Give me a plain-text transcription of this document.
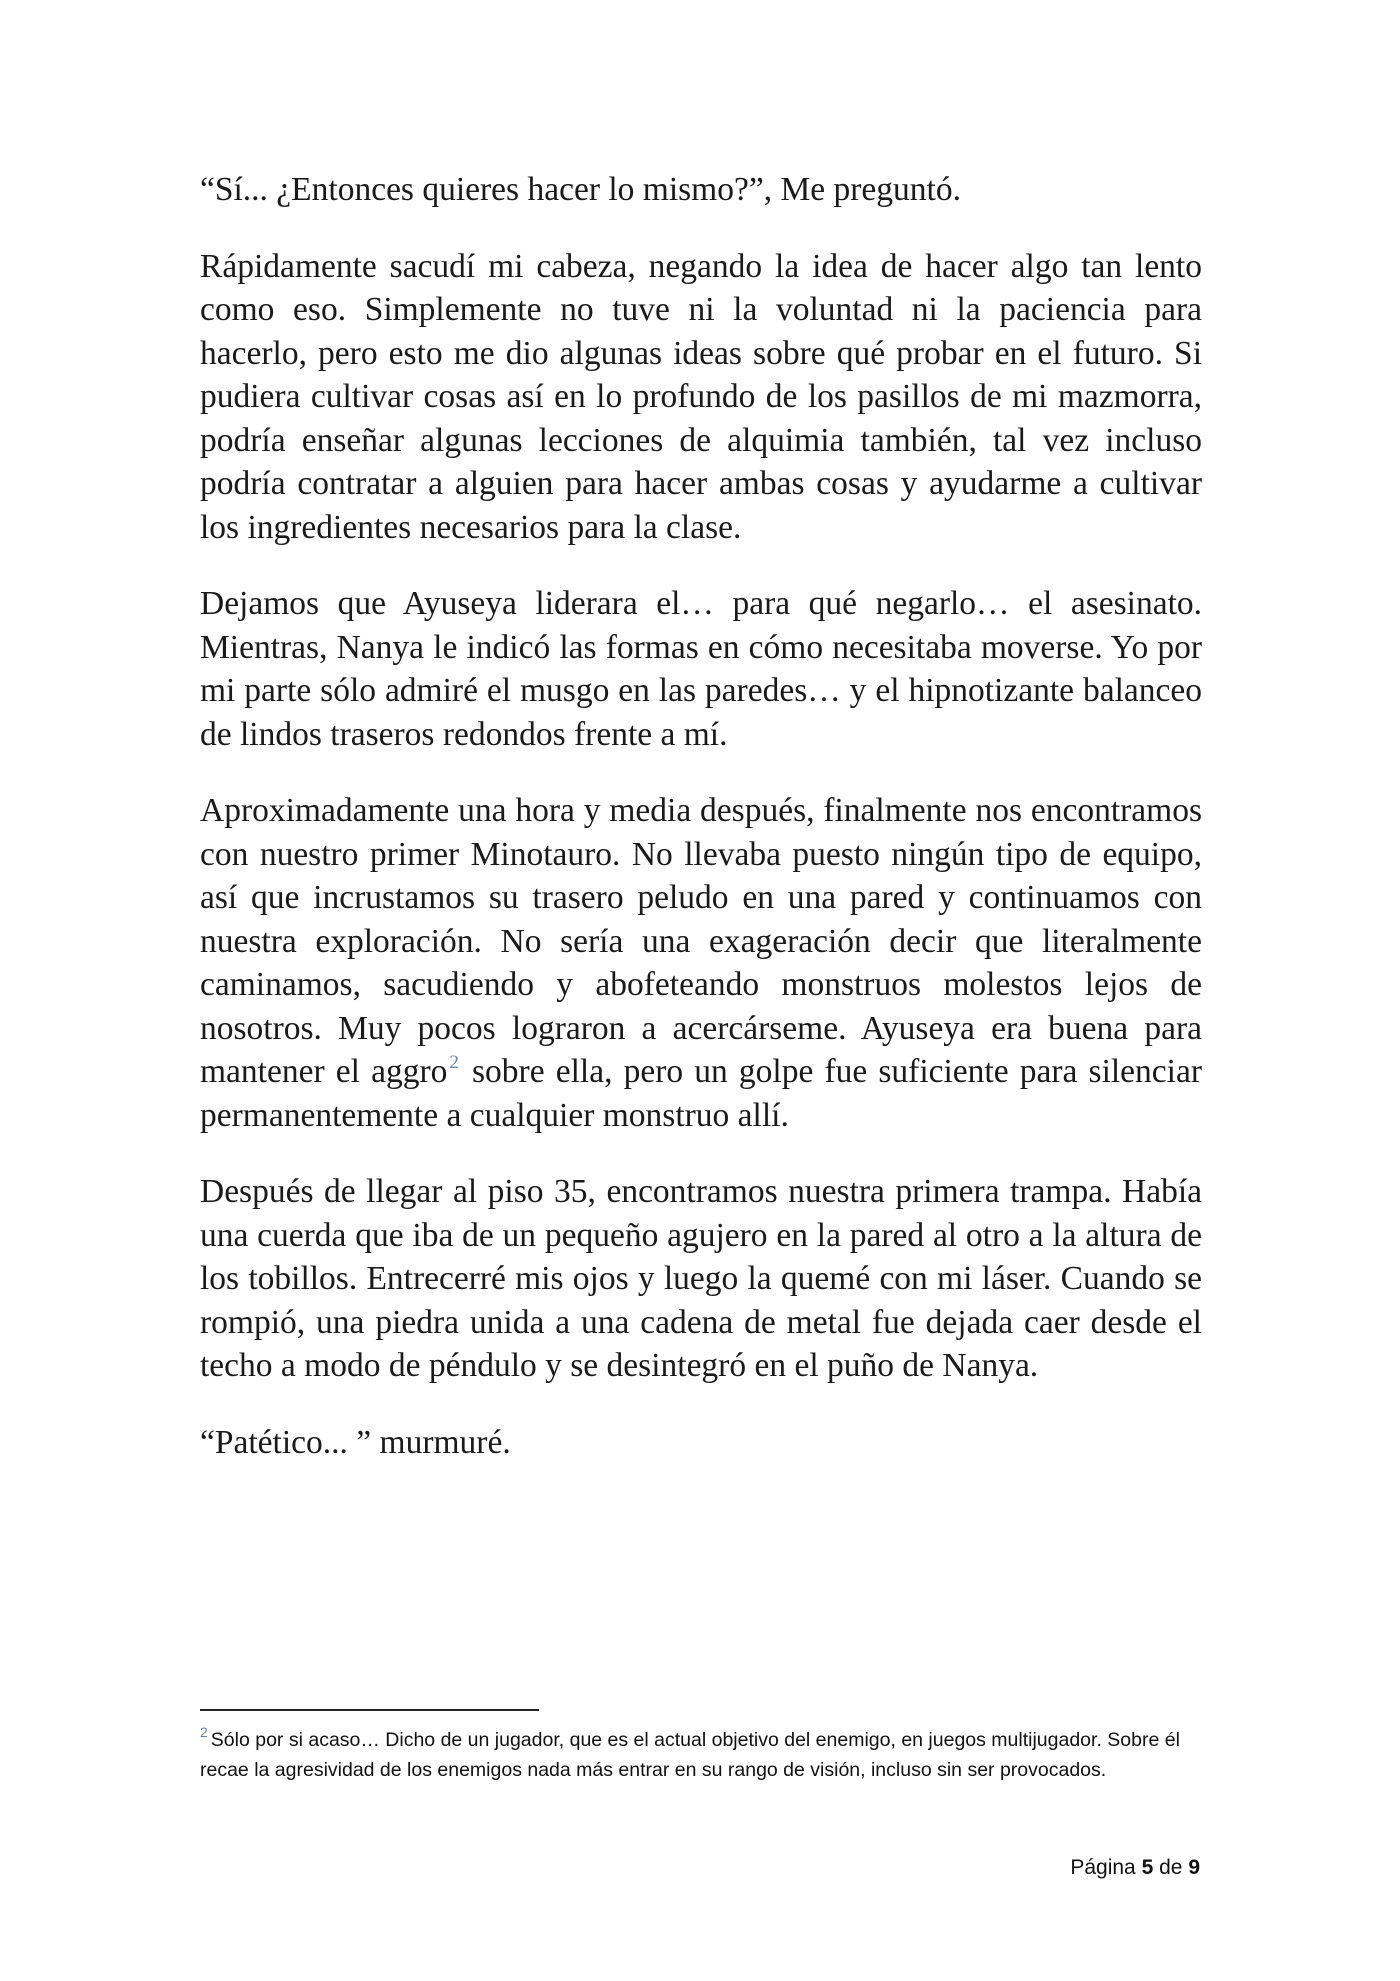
“Sí... ¿Entonces quieres hacer lo mismo?”, Me preguntó.

Rápidamente sacudí mi cabeza, negando la idea de hacer algo tan lento como eso. Simplemente no tuve ni la voluntad ni la paciencia para hacerlo, pero esto me dio algunas ideas sobre qué probar en el futuro. Si pudiera cultivar cosas así en lo profundo de los pasillos de mi mazmorra, podría enseñar algunas lecciones de alquimia también, tal vez incluso podría contratar a alguien para hacer ambas cosas y ayudarme a cultivar los ingredientes necesarios para la clase.

Dejamos que Ayuseya liderara el… para qué negarlo… el asesinato. Mientras, Nanya le indicó las formas en cómo necesitaba moverse. Yo por mi parte sólo admiré el musgo en las paredes… y el hipnotizante balanceo de lindos traseros redondos frente a mí.

Aproximadamente una hora y media después, finalmente nos encontramos con nuestro primer Minotauro. No llevaba puesto ningún tipo de equipo, así que incrustamos su trasero peludo en una pared y continuamos con nuestra exploración. No sería una exageración decir que literalmente caminamos, sacudiendo y abofeteando monstruos molestos lejos de nosotros. Muy pocos lograron a acercárseme. Ayuseya era buena para mantener el aggro $^2$ sobre ella, pero un golpe fue suficiente para silenciar permanentemente a cualquier monstruo allí.

Después de llegar al piso 35, encontramos nuestra primera trampa. Había una cuerda que iba de un pequeño agujero en la pared al otro a la altura de los tobillos. Entrecerré mis ojos y luego la quemé con mi láser. Cuando se rompió, una piedra unida a una cadena de metal fue dejada caer desde el techo a modo de péndulo y se desintegró en el puño de Nanya.

“Patético... ” murmuré.

$^2$ Sólo por si acaso… Dicho de un jugador, que es el actual objetivo del enemigo, en juegos multijugador. Sobre él recae la agresividad de los enemigos nada más entrar en su rango de visión, incluso sin ser provocados.
Página 5 de 9
